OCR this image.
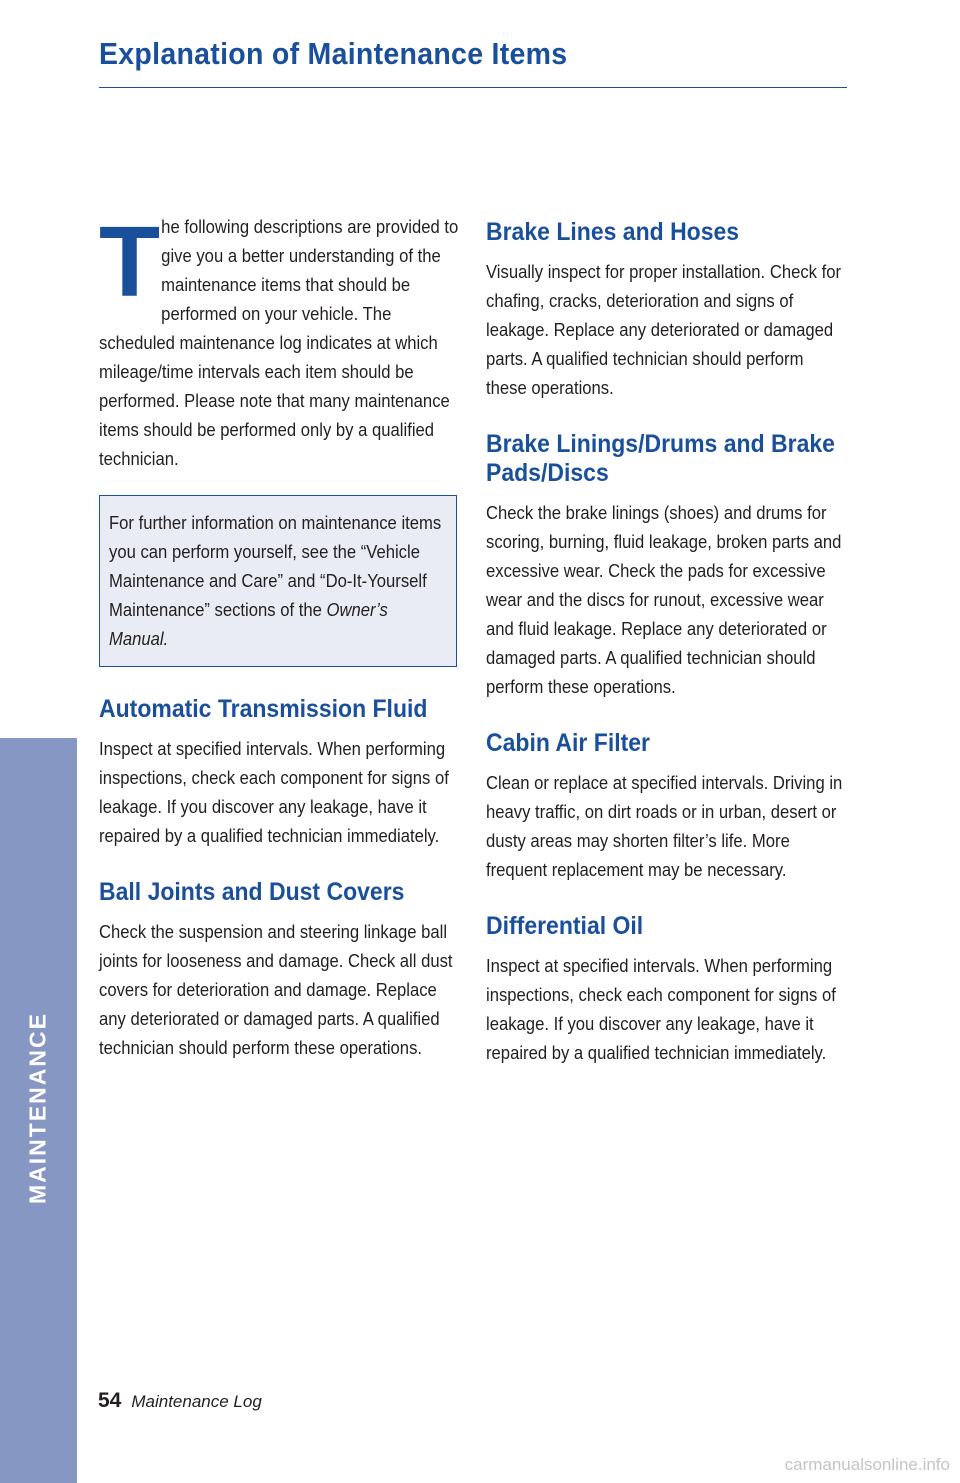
Explanation of Maintenance Items
T he following descriptions are provided to give you a better understanding of the maintenance items that should be performed on your vehicle. The scheduled maintenance log indicates at which mileage/time intervals each item should be performed. Please note that many maintenance items should be performed only by a qualified technician.

For further information on maintenance items you can perform yourself, see the “Vehicle Maintenance and Care” and “Do-It-Yourself Maintenance” sections of the Owner’s Manual.

Automatic Transmission Fluid

Inspect at specified intervals. When performing inspections, check each component for signs of leakage. If you discover any leakage, have it repaired by a qualified technician immediately.

Ball Joints and Dust Covers

Check the suspension and steering linkage ball joints for looseness and damage. Check all dust covers for deterioration and damage. Replace any deteriorated or damaged parts. A qualified technician should perform these operations.

Brake Lines and Hoses

Visually inspect for proper installation. Check for chafing, cracks, deterioration and signs of leakage. Replace any deteriorated or damaged parts. A qualified technician should perform these operations.

Brake Linings/Drums and Brake Pads/Discs

Check the brake linings (shoes) and drums for scoring, burning, fluid leakage, broken parts and excessive wear. Check the pads for excessive wear and the discs for runout, excessive wear and fluid leakage. Replace any deteriorated or damaged parts. A qualified technician should perform these operations.

Cabin Air Filter

Clean or replace at specified intervals. Driving in heavy traffic, on dirt roads or in urban, desert or dusty areas may shorten filter’s life. More frequent replacement may be necessary.

Differential Oil

Inspect at specified intervals. When performing inspections, check each component for signs of leakage. If you discover any leakage, have it repaired by a qualified technician immediately.

MAINTENANCE
54 Maintenance Log
carmanualsonline.info
